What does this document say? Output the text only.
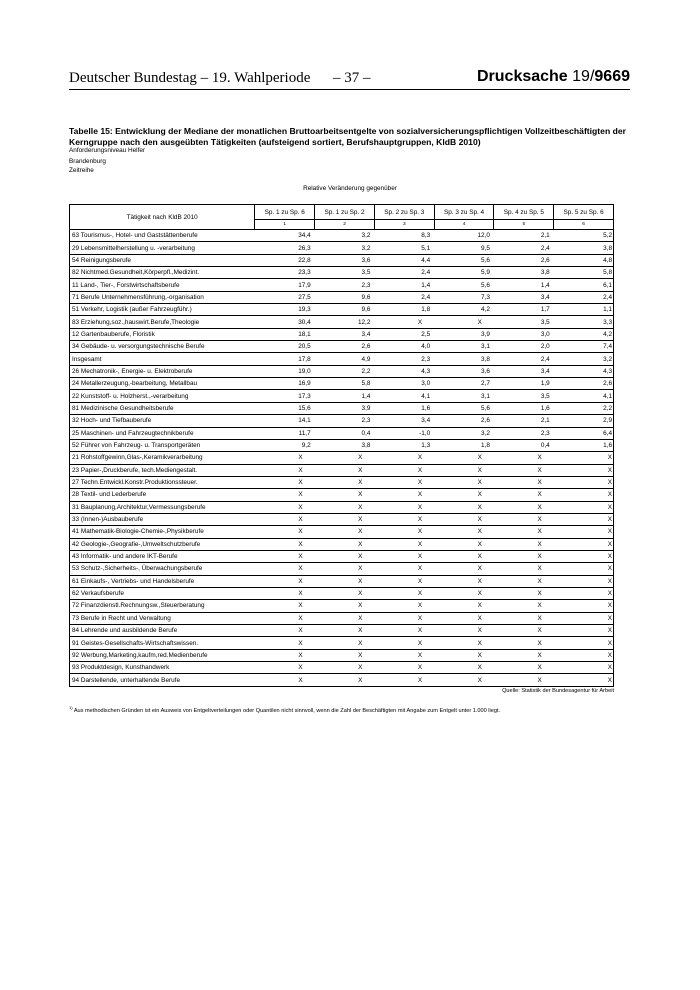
Deutscher Bundestag – 19. Wahlperiode – 37 –	Drucksache 19/9669
Tabelle 15: Entwicklung der Mediane der monatlichen Bruttoarbeitsentgelte von sozialversicherungspflichtigen Vollzeitbeschäftigten der Kerngruppe nach den ausgeübten Tätigkeiten (aufsteigend sortiert, Berufshauptgruppen, KldB 2010)
Anforderungsniveau Helfer
Brandenburg
Zeitreihe
Relative Veränderung gegenüber
Tätigkeit nach KldB 2010	Sp. 1 zu Sp. 6	Sp. 1 zu Sp. 2	Sp. 2 zu Sp. 3	Sp. 3 zu Sp. 4	Sp. 4 zu Sp. 5	Sp. 5 zu Sp. 6
	1	2	3	4	5	6
63 Tourismus-, Hotel- und Gaststättenberufe	34,4	3,2	8,3	12,0	2,1	5,2
29 Lebensmittelherstellung u. -verarbeitung	26,3	3,2	5,1	9,5	2,4	3,8
54 Reinigungsberufe	22,8	3,6	4,4	5,6	2,6	4,8
82 Nichtmed.Gesundheit,Körperpfl.,Medizint.	23,3	3,5	2,4	5,9	3,8	5,8
11 Land-, Tier-, Forstwirtschaftsberufe	17,9	2,3	1,4	5,6	1,4	6,1
71 Berufe Unternehmensführung,-organisation	27,5	9,6	2,4	7,3	3,4	2,4
51 Verkehr, Logistik (außer Fahrzeugführ.)	19,3	9,6	1,8	4,2	1,7	1,1
83 Erziehung,soz.,hauswirt.Berufe,Theologie	30,4	12,2	X	X	3,5	3,3
12 Gartenbauberufe, Floristik	18,1	3,4	2,5	3,9	3,0	4,2
34 Gebäude- u. versorgungstechnische Berufe	20,5	2,6	4,0	3,1	2,0	7,4
Insgesamt	17,8	4,9	2,3	3,8	2,4	3,2
26 Mechatronik-, Energie- u. Elektroberufe	19,0	2,2	4,3	3,6	3,4	4,3
24 Metallerzeugung,-bearbeitung, Metallbau	16,9	5,8	3,0	2,7	1,9	2,6
22 Kunststoff- u. Holzherst.,-verarbeitung	17,3	1,4	4,1	3,1	3,5	4,1
81 Medizinische Gesundheitsberufe	15,6	3,9	1,6	5,6	1,6	2,2
32 Hoch- und Tiefbauberufe	14,1	2,3	3,4	2,6	2,1	2,9
25 Maschinen- und Fahrzeugtechnikberufe	11,7	0,4	-1,0	3,2	2,3	6,4
52 Führer von Fahrzeug- u. Transportgeräten	9,2	3,8	1,3	1,8	0,4	1,6
21 Rohstoffgewinn,Glas-,Keramikverarbeitung	X	X	X	X	X	X
23 Papier-,Druckberufe, tech.Mediengestalt.	X	X	X	X	X	X
27 Techn.Entwickl.Konstr.Produktionssteuer.	X	X	X	X	X	X
28 Textil- und Lederberufe	X	X	X	X	X	X
31 Bauplanung,Architektur,Vermessungsberufe	X	X	X	X	X	X
33 (Innen-)Ausbauberufe	X	X	X	X	X	X
41 Mathematik-Biologie-Chemie-,Physikberufe	X	X	X	X	X	X
42 Geologie-,Geografie-,Umweltschutzberufe	X	X	X	X	X	X
43 Informatik- und andere IKT-Berufe	X	X	X	X	X	X
53 Schutz-,Sicherheits-, Überwachungsberufe	X	X	X	X	X	X
61 Einkaufs-, Vertriebs- und Handelsberufe	X	X	X	X	X	X
62 Verkaufsberufe	X	X	X	X	X	X
72 Finanzdienstl.Rechnungsw.,Steuerberatung	X	X	X	X	X	X
73 Berufe in Recht und Verwaltung	X	X	X	X	X	X
84 Lehrende und ausbildende Berufe	X	X	X	X	X	X
91 Geistes-Gesellschafts-Wirtschaftswissen.	X	X	X	X	X	X
92 Werbung,Marketing,kaufm,red.Medienberufe	X	X	X	X	X	X
93 Produktdesign, Kunsthandwerk	X	X	X	X	X	X
94 Darstellende, unterhaltende Berufe	X	X	X	X	X	X
Quelle: Statistik der Bundesagentur für Arbeit
$^{1)}$ Aus methodischen Gründen ist ein Ausweis von Entgeltverteilungen oder Quantilen nicht sinnvoll, wenn die Zahl der Beschäftigten mit Angabe zum Entgelt unter 1.000 liegt.
